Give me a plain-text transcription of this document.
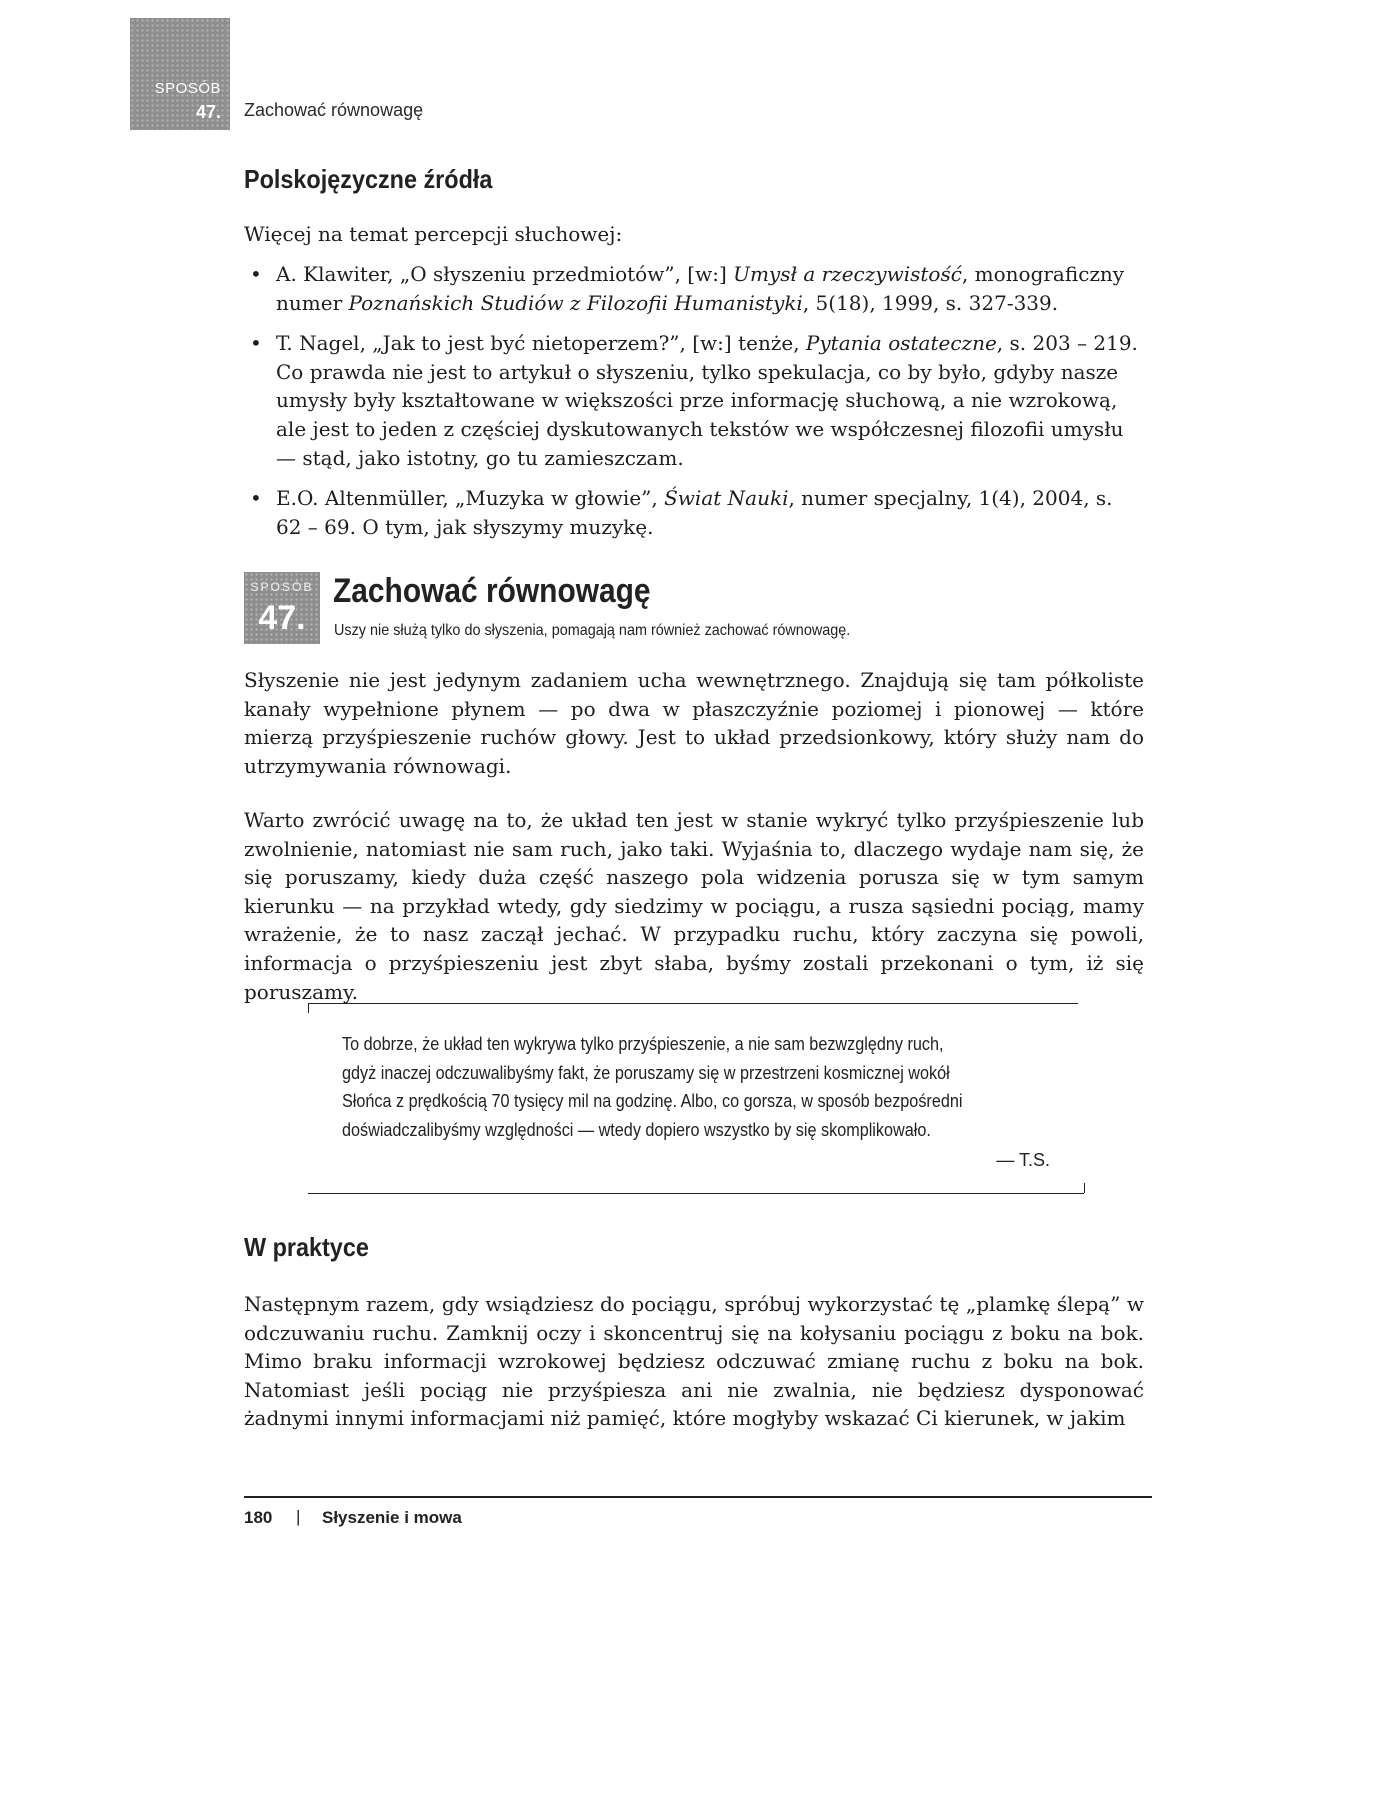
SPOSÓB
47. Zachować równowagę
Polskojęzyczne źródła

Więcej na temat percepcji słuchowej:

• A. Klawiter, „O słyszeniu przedmiotów”, [w:] Umysł a rzeczywistość, monograficzny numer Poznańskich Studiów z Filozofii Humanistyki, 5(18), 1999, s. 327-339.
• T. Nagel, „Jak to jest być nietoperzem?”, [w:] tenże, Pytania ostateczne, s. 203 – 219. Co prawda nie jest to artykuł o słyszeniu, tylko spekulacja, co by było, gdyby nasze umysły były kształtowane w większości prze informację słuchową, a nie wzrokową, ale jest to jeden z częściej dyskutowanych tekstów we współczesnej filozofii umysłu — stąd, jako istotny, go tu zamieszczam.
• E.O. Altenmüller, „Muzyka w głowie”, Świat Nauki, numer specjalny, 1(4), 2004, s. 62 – 69. O tym, jak słyszymy muzykę.
SPOSÓB
47.
Zachować równowagę
Uszy nie służą tylko do słyszenia, pomagają nam również zachować równowagę.

Słyszenie nie jest jedynym zadaniem ucha wewnętrznego. Znajdują się tam półkoliste kanały wypełnione płynem — po dwa w płaszczyźnie poziomej i pionowej — które mierzą przyśpieszenie ruchów głowy. Jest to układ przedsionkowy, który służy nam do utrzymywania równowagi.

Warto zwrócić uwagę na to, że układ ten jest w stanie wykryć tylko przyśpieszenie lub zwolnienie, natomiast nie sam ruch, jako taki. Wyjaśnia to, dlaczego wydaje nam się, że się poruszamy, kiedy duża część naszego pola widzenia porusza się w tym samym kierunku — na przykład wtedy, gdy siedzimy w pociągu, a rusza sąsiedni pociąg, mamy wrażenie, że to nasz zaczął jechać. W przypadku ruchu, który zaczyna się powoli, informacja o przyśpieszeniu jest zbyt słaba, byśmy zostali przekonani o tym, iż się poruszamy.

To dobrze, że układ ten wykrywa tylko przyśpieszenie, a nie sam bezwzględny ruch,
gdyż inaczej odczuwalibyśmy fakt, że poruszamy się w przestrzeni kosmicznej wokół
Słońca z prędkością 70 tysięcy mil na godzinę. Albo, co gorsza, w sposób bezpośredni
doświadczalibyśmy względności — wtedy dopiero wszystko by się skomplikowało.
— T.S.
W praktyce

Następnym razem, gdy wsiądziesz do pociągu, spróbuj wykorzystać tę „plamkę ślepą” w odczuwaniu ruchu. Zamknij oczy i skoncentruj się na kołysaniu pociągu z boku na bok. Mimo braku informacji wzrokowej będziesz odczuwać zmianę ruchu z boku na bok. Natomiast jeśli pociąg nie przyśpiesza ani nie zwalnia, nie będziesz dysponować żadnymi innymi informacjami niż pamięć, które mogłyby wskazać Ci kierunek, w jakim

180 | Słyszenie i mowa
